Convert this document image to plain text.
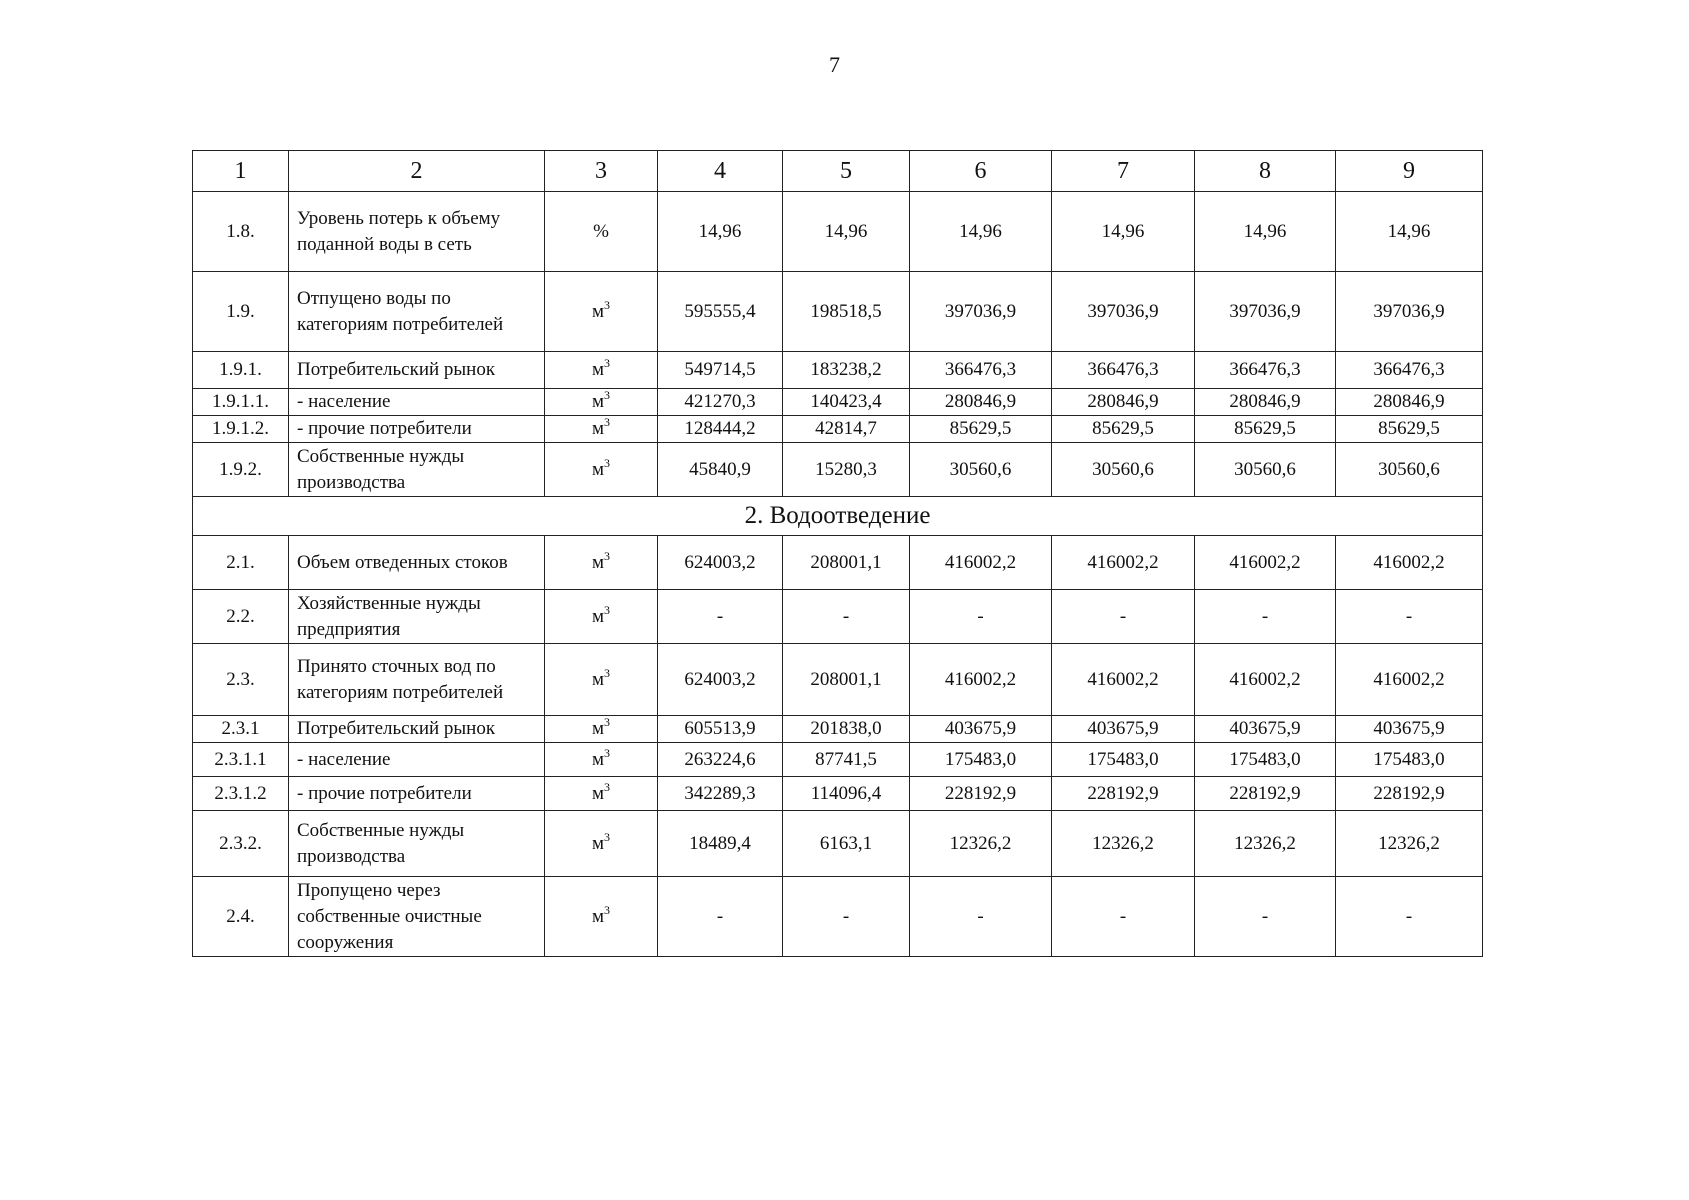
7
1	2	3	4	5	6	7	8	9
1.8.	Уровень потерь к объему поданной воды в сеть	%	14,96	14,96	14,96	14,96	14,96	14,96
1.9.	Отпущено воды по категориям потребителей	$м^3$	595555,4	198518,5	397036,9	397036,9	397036,9	397036,9
1.9.1.	Потребительский рынок	$м^3$	549714,5	183238,2	366476,3	366476,3	366476,3	366476,3
1.9.1.1.	- население	$м^3$	421270,3	140423,4	280846,9	280846,9	280846,9	280846,9
1.9.1.2.	- прочие потребители	$м^3$	128444,2	42814,7	85629,5	85629,5	85629,5	85629,5
1.9.2.	Собственные нужды производства	$м^3$	45840,9	15280,3	30560,6	30560,6	30560,6	30560,6
2. Водоотведение								
2.1.	Объем отведенных стоков	$м^3$	624003,2	208001,1	416002,2	416002,2	416002,2	416002,2
2.2.	Хозяйственные нужды предприятия	$м^3$	-	-	-	-	-	-
2.3.	Принято сточных вод по категориям потребителей	$м^3$	624003,2	208001,1	416002,2	416002,2	416002,2	416002,2
2.3.1	Потребительский рынок	$м^3$	605513,9	201838,0	403675,9	403675,9	403675,9	403675,9
2.3.1.1	- население	$м^3$	263224,6	87741,5	175483,0	175483,0	175483,0	175483,0
2.3.1.2	- прочие потребители	$м^3$	342289,3	114096,4	228192,9	228192,9	228192,9	228192,9
2.3.2.	Собственные нужды производства	$м^3$	18489,4	6163,1	12326,2	12326,2	12326,2	12326,2
2.4.	Пропущено через собственные очистные сооружения	$м^3$	-	-	-	-	-	-
